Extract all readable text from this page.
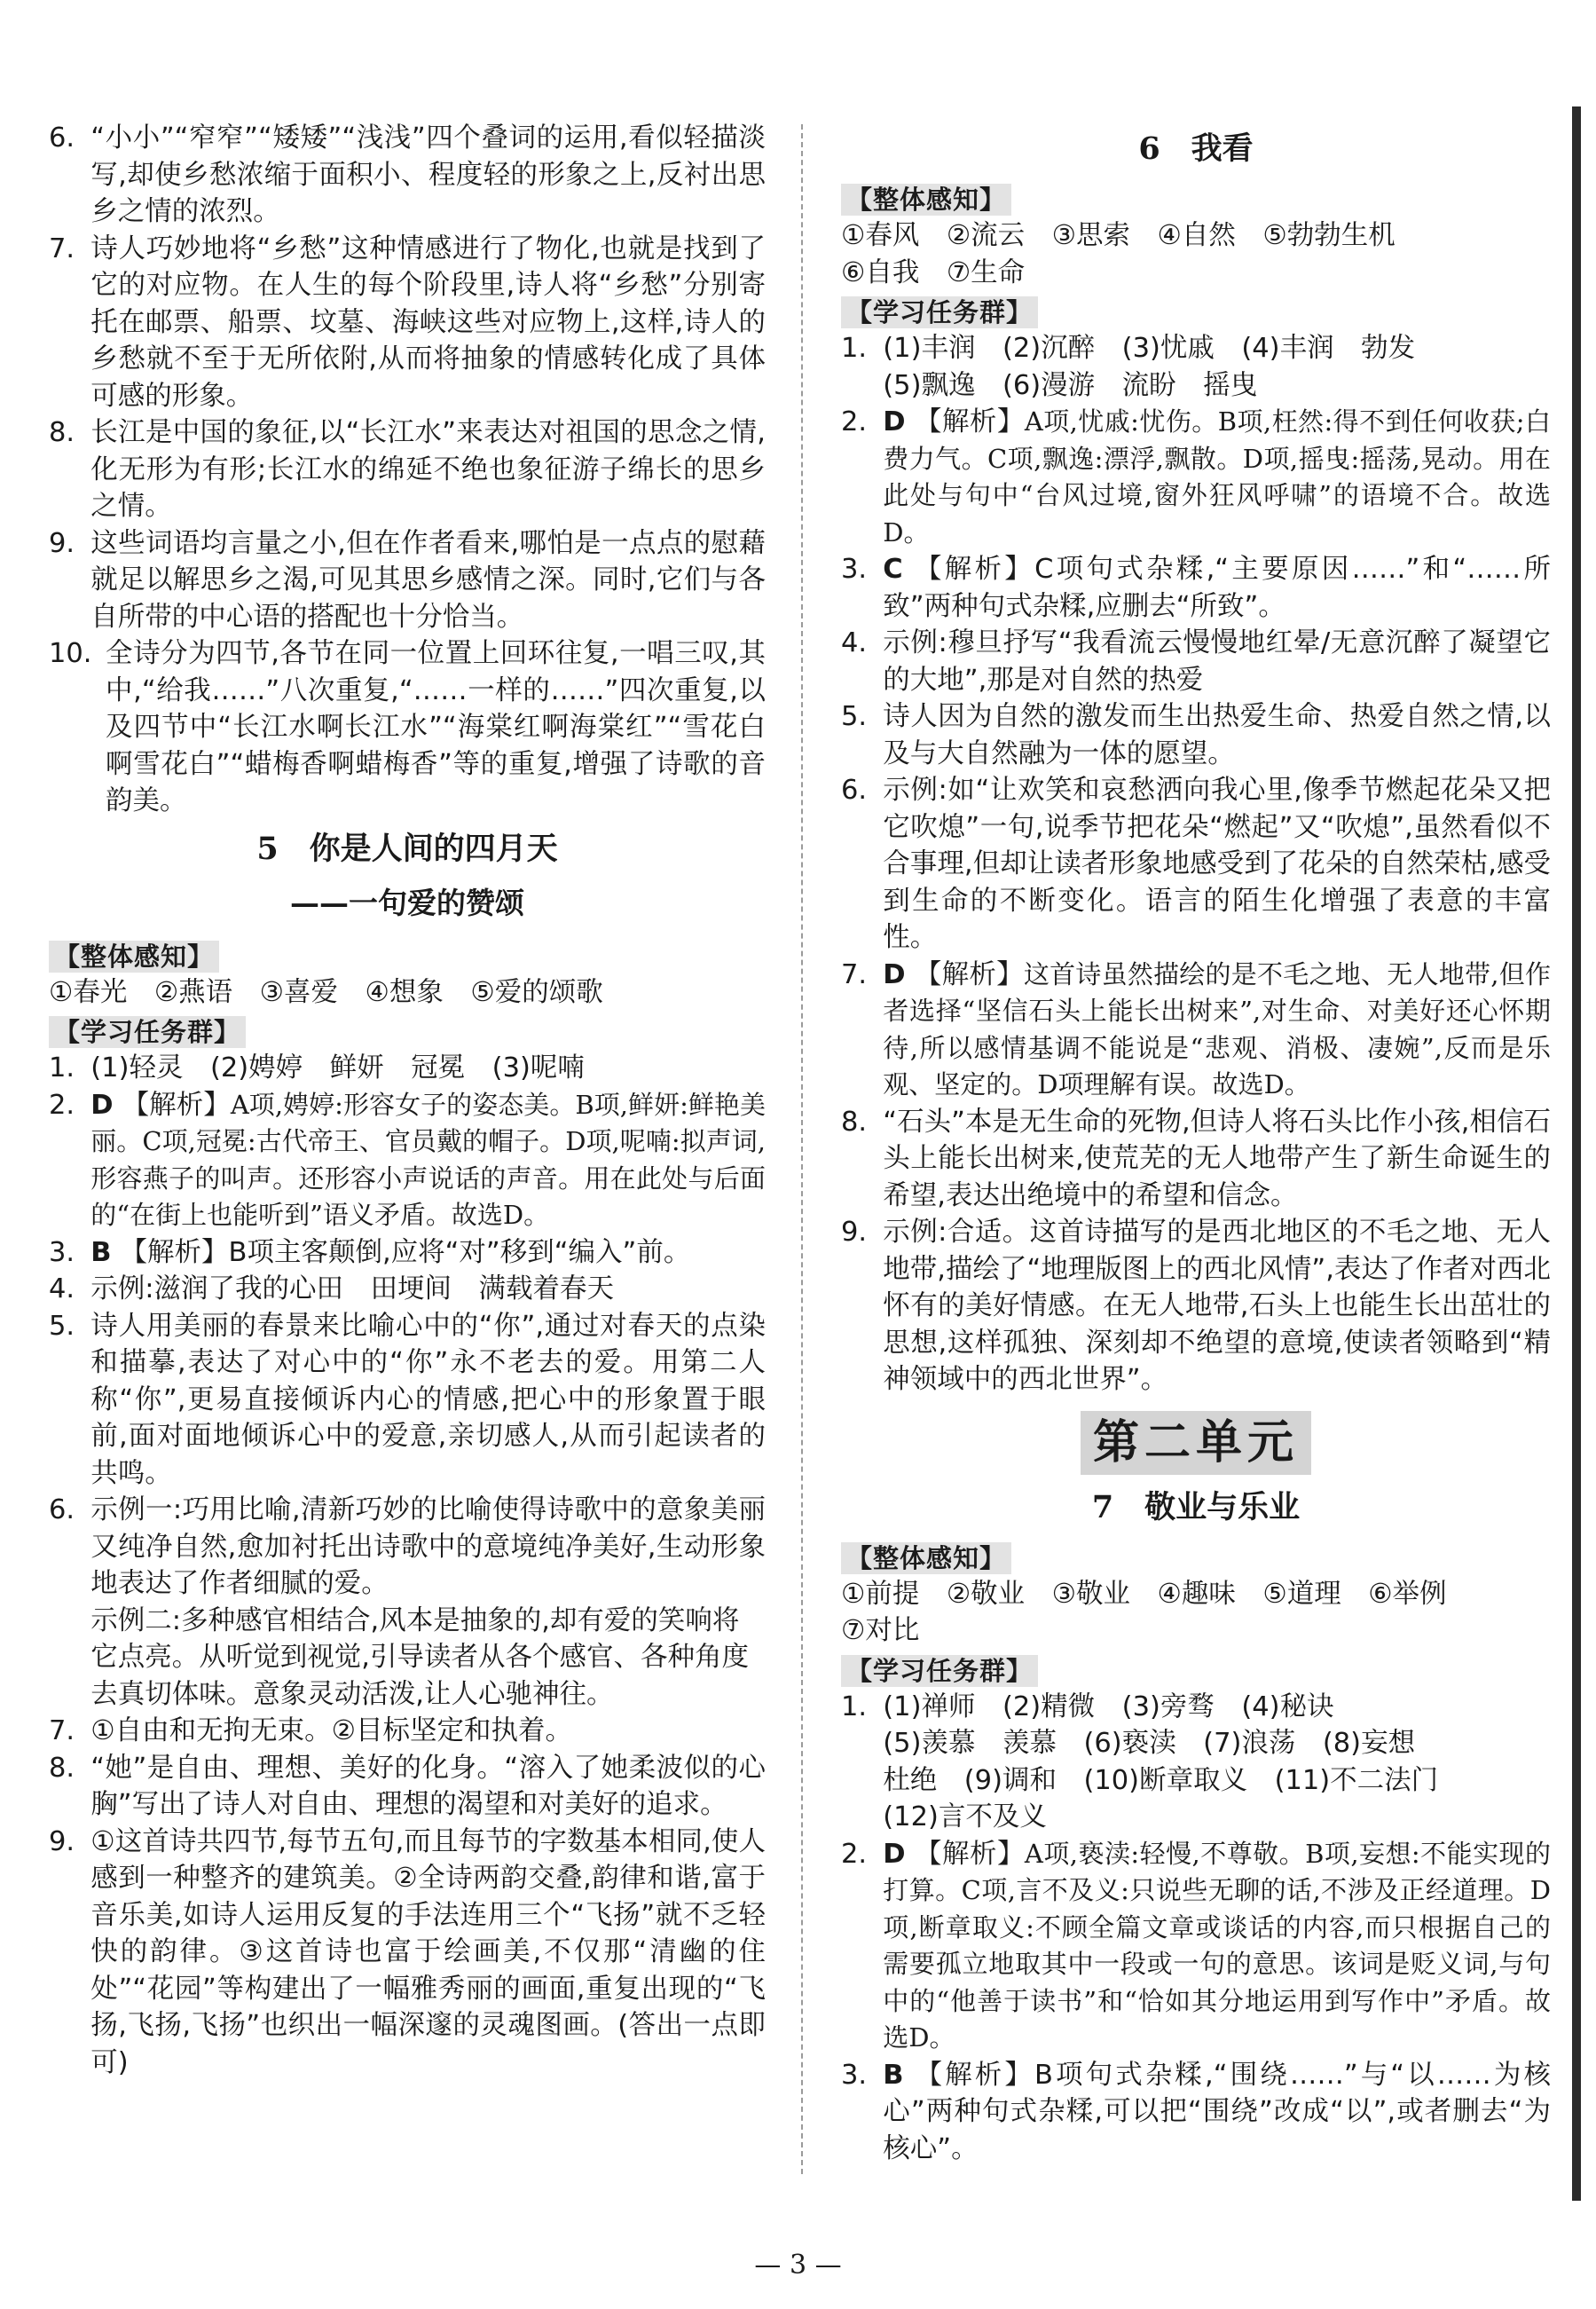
6. “小小”“窄窄”“矮矮”“浅浅”四个叠词的运用,看似轻描淡写,却使乡愁浓缩于面积小、程度轻的形象之上,反衬出思乡之情的浓烈。
7. 诗人巧妙地将“乡愁”这种情感进行了物化,也就是找到了它的对应物。在人生的每个阶段里,诗人将“乡愁”分别寄托在邮票、船票、坟墓、海峡这些对应物上,这样,诗人的乡愁就不至于无所依附,从而将抽象的情感转化成了具体可感的形象。
8. 长江是中国的象征,以“长江水”来表达对祖国的思念之情,化无形为有形;长江水的绵延不绝也象征游子绵长的思乡之情。
9. 这些词语均言量之小,但在作者看来,哪怕是一点点的慰藉就足以解思乡之渴,可见其思乡感情之深。同时,它们与各自所带的中心语的搭配也十分恰当。
10. 全诗分为四节,各节在同一位置上回环往复,一唱三叹,其中,“给我……”八次重复,“……一样的……”四次重复,以及四节中“长江水啊长江水”“海棠红啊海棠红”“雪花白啊雪花白”“蜡梅香啊蜡梅香”等的重复,增强了诗歌的音韵美。
5　你是人间的四月天
——一句爱的赞颂
【整体感知】

①春光　②燕语　③喜爱　④想象　⑤爱的颂歌

【学习任务群】
1. (1)轻灵　(2)娉婷　鲜妍　冠冕　(3)呢喃
2. D 【解析】A项,娉婷:形容女子的姿态美。B项,鲜妍:鲜艳美丽。C项,冠冕:古代帝王、官员戴的帽子。D项,呢喃:拟声词,形容燕子的叫声。还形容小声说话的声音。用在此处与后面的“在街上也能听到”语义矛盾。故选D。
3. B 【解析】B项主客颠倒,应将“对”移到“编入”前。
4. 示例:滋润了我的心田　田埂间　满载着春天
5. 诗人用美丽的春景来比喻心中的“你”,通过对春天的点染和描摹,表达了对心中的“你”永不老去的爱。用第二人称“你”,更易直接倾诉内心的情感,把心中的形象置于眼前,面对面地倾诉心中的爱意,亲切感人,从而引起读者的共鸣。
6. 示例一:巧用比喻,清新巧妙的比喻使得诗歌中的意象美丽又纯净自然,愈加衬托出诗歌中的意境纯净美好,生动形象地表达了作者细腻的爱。

示例二:多种感官相结合,风本是抽象的,却有爱的笑响将它点亮。从听觉到视觉,引导读者从各个感官、各种角度去真切体味。意象灵动活泼,让人心驰神往。

7. ①自由和无拘无束。②目标坚定和执着。
8. “她”是自由、理想、美好的化身。“溶入了她柔波似的心胸”写出了诗人对自由、理想的渴望和对美好的追求。
9. ①这首诗共四节,每节五句,而且每节的字数基本相同,使人感到一种整齐的建筑美。②全诗两韵交叠,韵律和谐,富于音乐美,如诗人运用反复的手法连用三个“飞扬”就不乏轻快的韵律。③这首诗也富于绘画美,不仅那“清幽的住处”“花园”等构建出了一幅雅秀丽的画面,重复出现的“飞扬,飞扬,飞扬”也织出一幅深邃的灵魂图画。(答出一点即可)
6　我看
【整体感知】

①春风　②流云　③思索　④自然　⑤勃勃生机

⑥自我　⑦生命

【学习任务群】
1. (1)丰润　(2)沉醉　(3)忧戚　(4)丰润　勃发

(5)飘逸　(6)漫游　流盼　摇曳

2. D 【解析】A项,忧戚:忧伤。B项,枉然:得不到任何收获;白费力气。C项,飘逸:漂浮,飘散。D项,摇曳:摇荡,晃动。用在此处与句中“台风过境,窗外狂风呼啸”的语境不合。故选D。
3. C 【解析】C项句式杂糅,“主要原因……”和“……所致”两种句式杂糅,应删去“所致”。
4. 示例:穆旦抒写“我看流云慢慢地红晕/无意沉醉了凝望它的大地”,那是对自然的热爱
5. 诗人因为自然的激发而生出热爱生命、热爱自然之情,以及与大自然融为一体的愿望。
6. 示例:如“让欢笑和哀愁洒向我心里,像季节燃起花朵又把它吹熄”一句,说季节把花朵“燃起”又“吹熄”,虽然看似不合事理,但却让读者形象地感受到了花朵的自然荣枯,感受到生命的不断变化。语言的陌生化增强了表意的丰富性。
7. D 【解析】这首诗虽然描绘的是不毛之地、无人地带,但作者选择“坚信石头上能长出树来”,对生命、对美好还心怀期待,所以感情基调不能说是“悲观、消极、凄婉”,反而是乐观、坚定的。D项理解有误。故选D。
8. “石头”本是无生命的死物,但诗人将石头比作小孩,相信石头上能长出树来,使荒芜的无人地带产生了新生命诞生的希望,表达出绝境中的希望和信念。
9. 示例:合适。这首诗描写的是西北地区的不毛之地、无人地带,描绘了“地理版图上的西北风情”,表达了作者对西北怀有的美好情感。在无人地带,石头上也能生长出茁壮的思想,这样孤独、深刻却不绝望的意境,使读者领略到“精神领域中的西北世界”。
第二单元
7　敬业与乐业
【整体感知】

①前提　②敬业　③敬业　④趣味　⑤道理　⑥举例

⑦对比

【学习任务群】
1. (1)禅师　(2)精微　(3)旁骛　(4)秘诀

(5)羡慕　羡慕　(6)亵渎　(7)浪荡　(8)妄想

杜绝　(9)调和　(10)断章取义　(11)不二法门

(12)言不及义

2. D 【解析】A项,亵渎:轻慢,不尊敬。B项,妄想:不能实现的打算。C项,言不及义:只说些无聊的话,不涉及正经道理。D项,断章取义:不顾全篇文章或谈话的内容,而只根据自己的需要孤立地取其中一段或一句的意思。该词是贬义词,与句中的“他善于读书”和“恰如其分地运用到写作中”矛盾。故选D。
3. B 【解析】B项句式杂糅,“围绕……”与“以……为核心”两种句式杂糅,可以把“围绕”改成“以”,或者删去“为核心”。
— 3 —
